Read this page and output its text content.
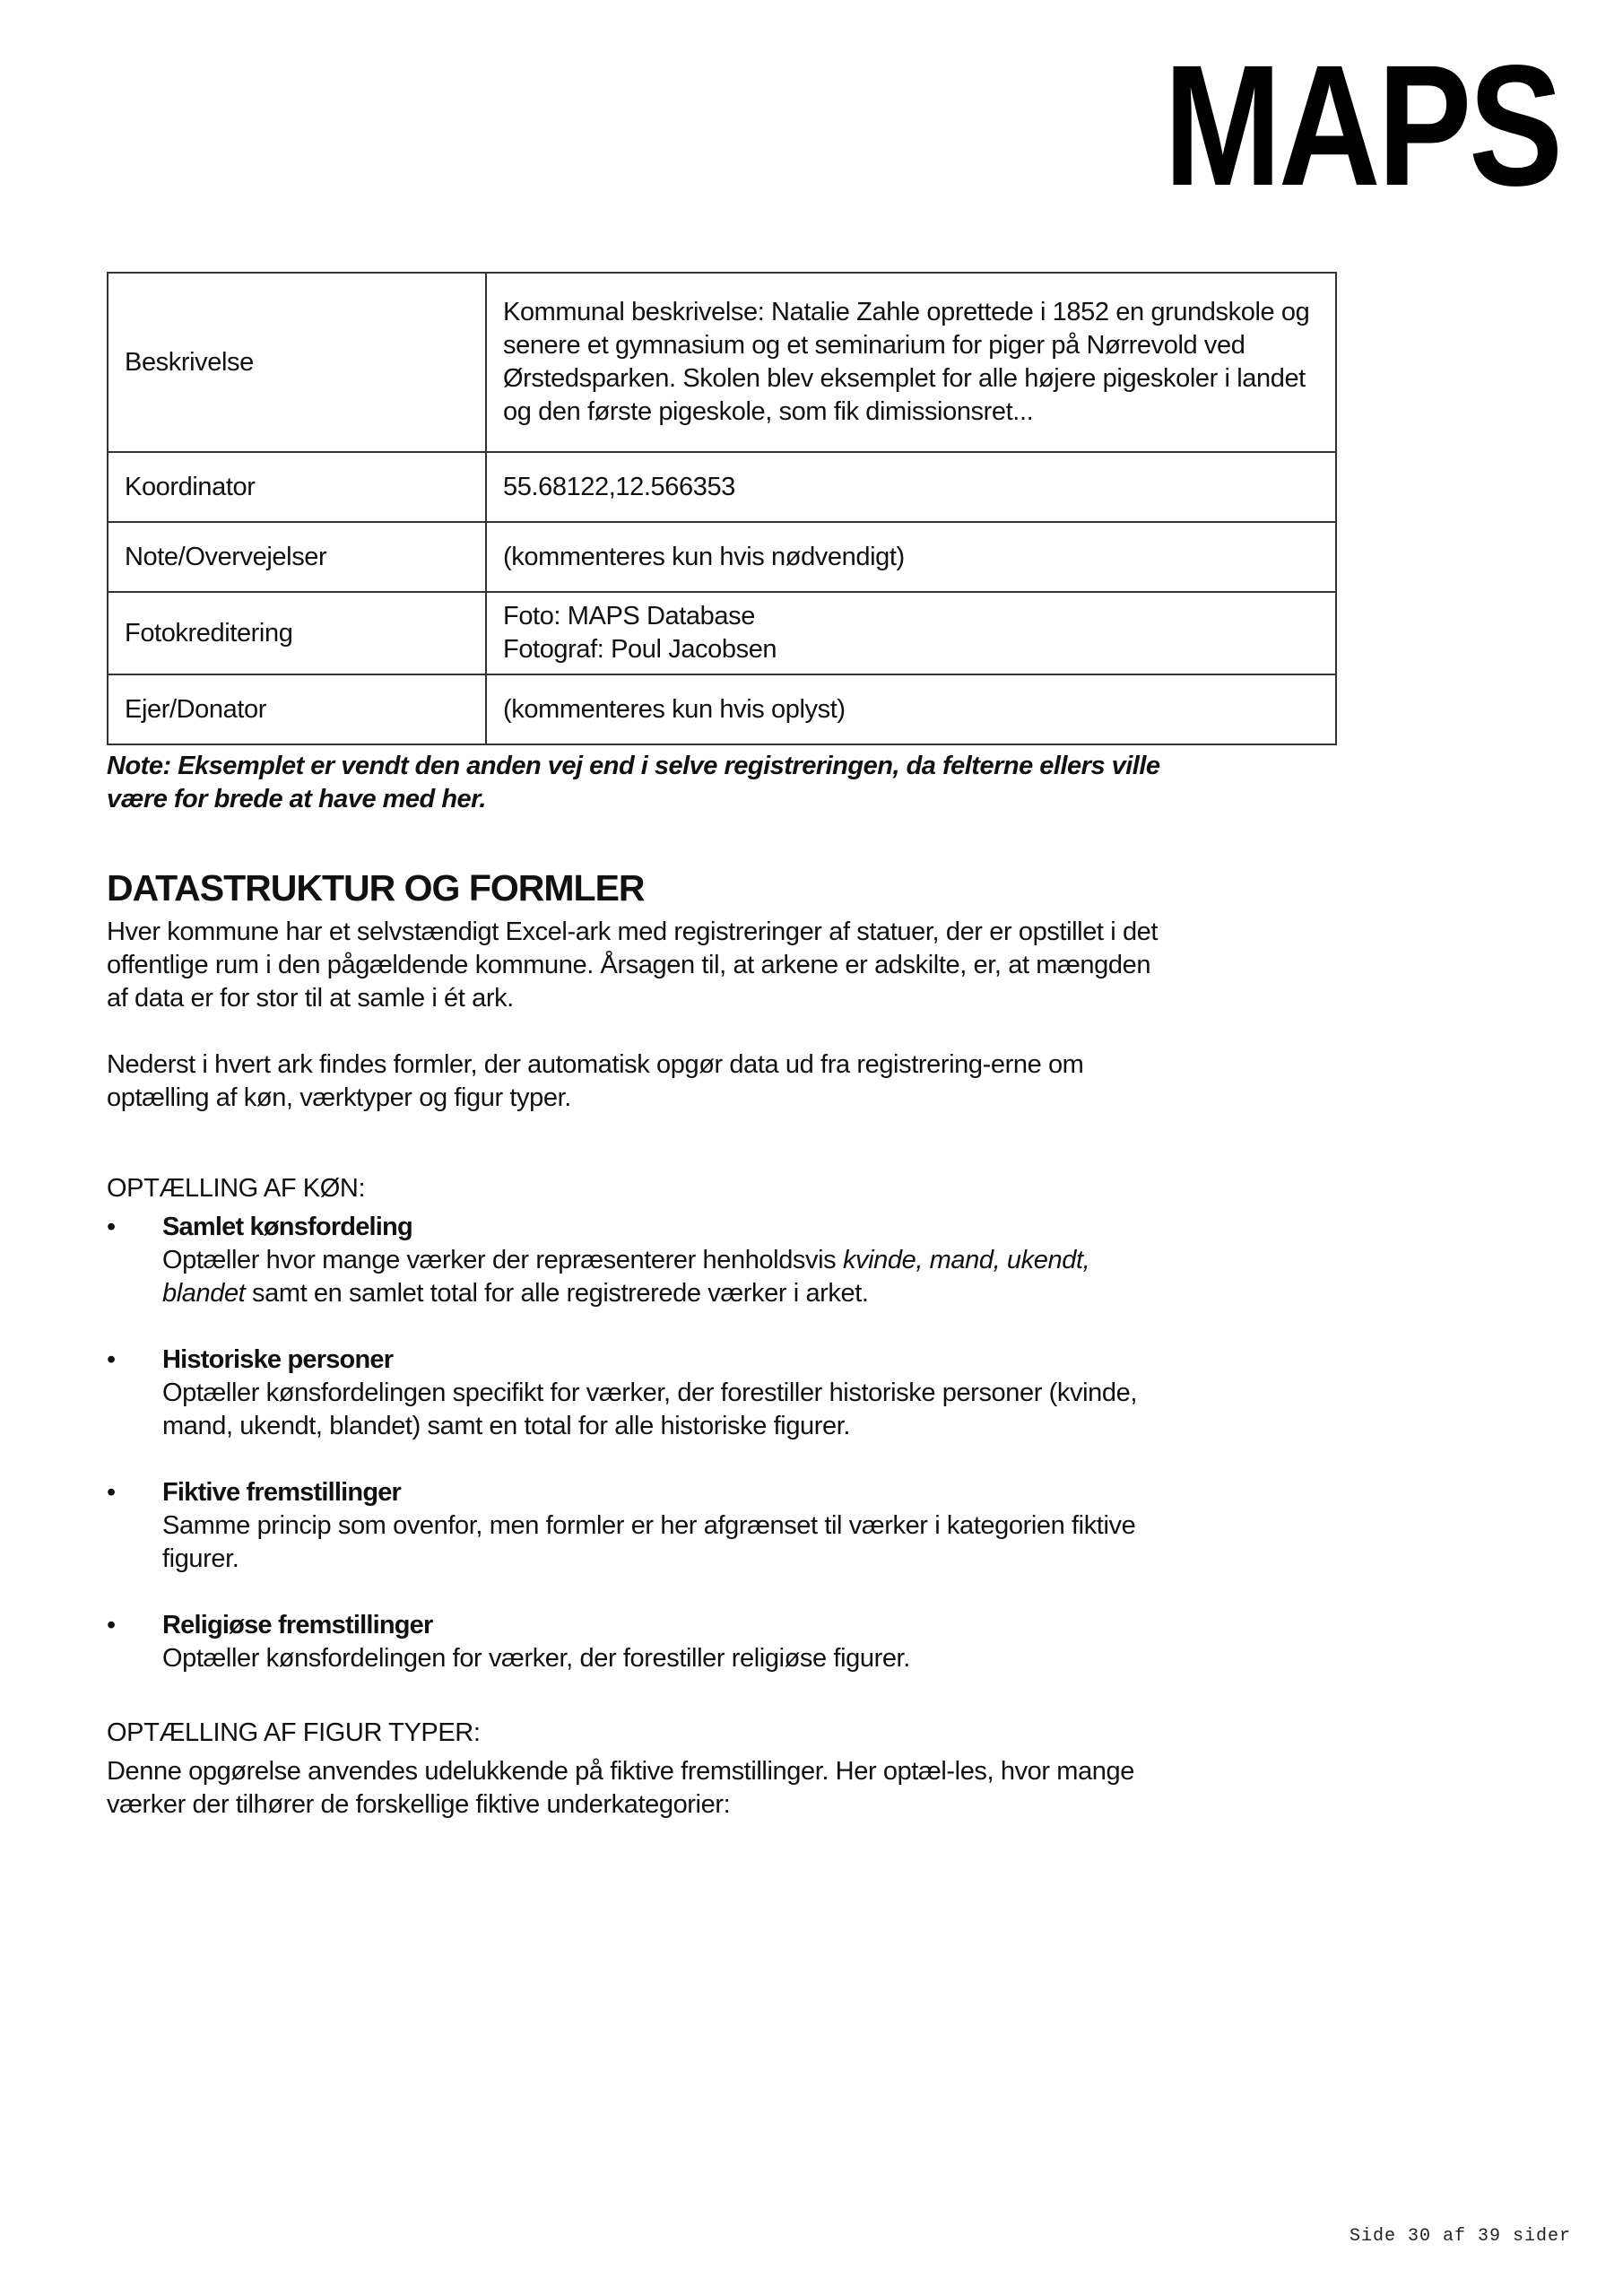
MAPS
Beskrivelse	Kommunal beskrivelse: Natalie Zahle oprettede i 1852 en grundskole og senere et gymnasium og et seminarium for piger på Nørrevold ved Ørstedsparken. Skolen blev eksemplet for alle højere pigeskoler i landet og den første pigeskole, som fik dimissionsret...
Koordinator	55.68122,12.566353
Note/Overvejelser	(kommenteres kun hvis nødvendigt)
Fotokreditering	Foto: MAPS Database
Fotograf: Poul Jacobsen

Ejer/Donator	(kommenteres kun hvis oplyst)
Note: Eksemplet er vendt den anden vej end i selve registreringen, da felterne ellers ville være for brede at have med her.
DATASTRUKTUR OG FORMLER

Hver kommune har et selvstændigt Excel-ark med registreringer af statuer, der er opstillet i det offentlige rum i den pågældende kommune. Årsagen til, at arkene er adskilte, er, at mængden af data er for stor til at samle i ét ark.

Nederst i hvert ark findes formler, der automatisk opgør data ud fra registrering-erne om optælling af køn, værktyper og figur typer.

OPTÆLLING AF KØN:
• Samlet kønsfordeling
Optæller hvor mange værker der repræsenterer henholdsvis kvinde, mand, ukendt, blandet samt en samlet total for alle registrerede værker i arket.
• Historiske personer
Optæller kønsfordelingen specifikt for værker, der forestiller historiske personer (kvinde, mand, ukendt, blandet) samt en total for alle historiske figurer.
• Fiktive fremstillinger
Samme princip som ovenfor, men formler er her afgrænset til værker i kategorien fiktive figurer.
• Religiøse fremstillinger
Optæller kønsfordelingen for værker, der forestiller religiøse figurer.
OPTÆLLING AF FIGUR TYPER:

Denne opgørelse anvendes udelukkende på fiktive fremstillinger. Her optæl-les, hvor mange værker der tilhører de forskellige fiktive underkategorier:

Side 30 af 39 sider
